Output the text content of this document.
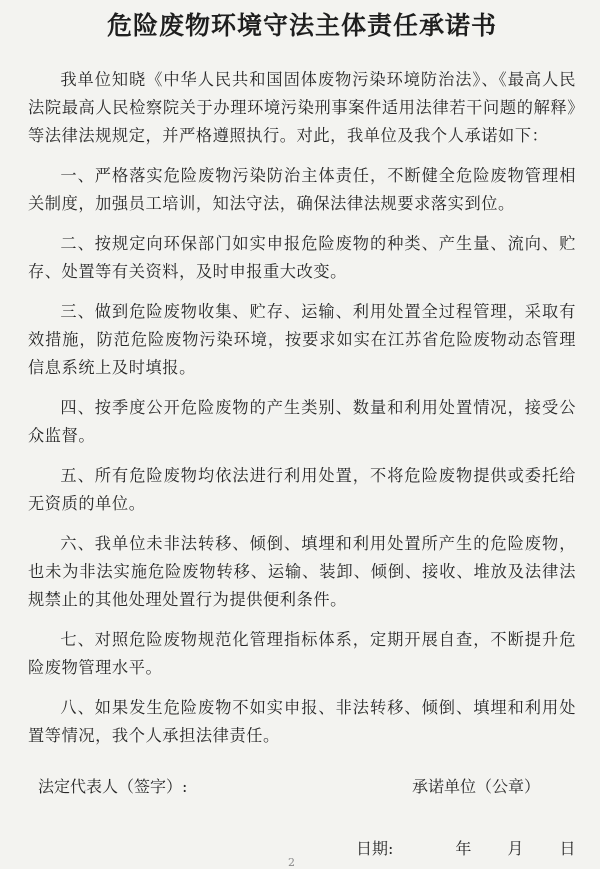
危险废物环境守法主体责任承诺书

我单位知晓《中华人民共和国固体废物污染环境防治法》、《最高人民法院最高人民检察院关于办理环境污染刑事案件适用法律若干问题的解释》等法律法规规定，并严格遵照执行。对此，我单位及我个人承诺如下：

一、严格落实危险废物污染防治主体责任，不断健全危险废物管理相关制度，加强员工培训，知法守法，确保法律法规要求落实到位。

二、按规定向环保部门如实申报危险废物的种类、产生量、流向、贮存、处置等有关资料，及时申报重大改变。

三、做到危险废物收集、贮存、运输、利用处置全过程管理，采取有效措施，防范危险废物污染环境，按要求如实在江苏省危险废物动态管理信息系统上及时填报。

四、按季度公开危险废物的产生类别、数量和利用处置情况，接受公众监督。

五、所有危险废物均依法进行利用处置，不将危险废物提供或委托给无资质的单位。

六、我单位未非法转移、倾倒、填埋和利用处置所产生的危险废物，也未为非法实施危险废物转移、运输、装卸、倾倒、接收、堆放及法律法规禁止的其他处理处置行为提供便利条件。

七、对照危险废物规范化管理指标体系，定期开展自查，不断提升危险废物管理水平。

八、如果发生危险废物不如实申报、非法转移、倾倒、填埋和利用处置等情况，我个人承担法律责任。

法定代表人（签字）:	承诺单位（公章）
日期:	年 月 日
2
